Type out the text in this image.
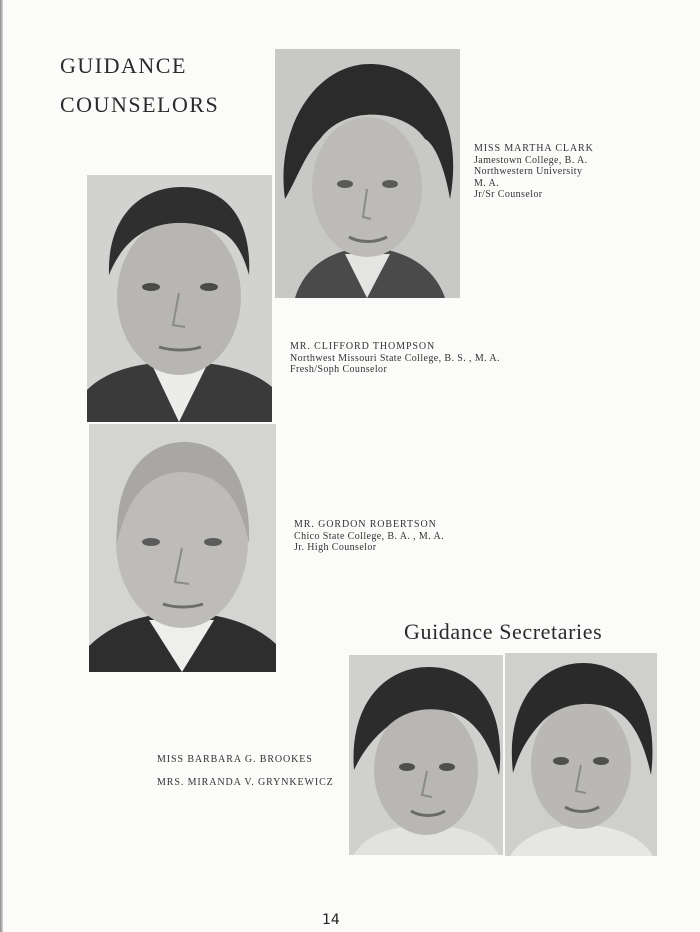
GUIDANCE
COUNSELORS
MISS MARTHA CLARK
Jamestown College, B. A.
Northwestern University
M. A.
Jr/Sr Counselor
MR. CLIFFORD THOMPSON
Northwest Missouri State College, B. S. , M. A.
Fresh/Soph Counselor
MR. GORDON ROBERTSON
Chico State College, B. A. , M. A.
Jr. High Counselor
Guidance Secretaries
MISS BARBARA G. BROOKES
MRS. MIRANDA V. GRYNKEWICZ
14
